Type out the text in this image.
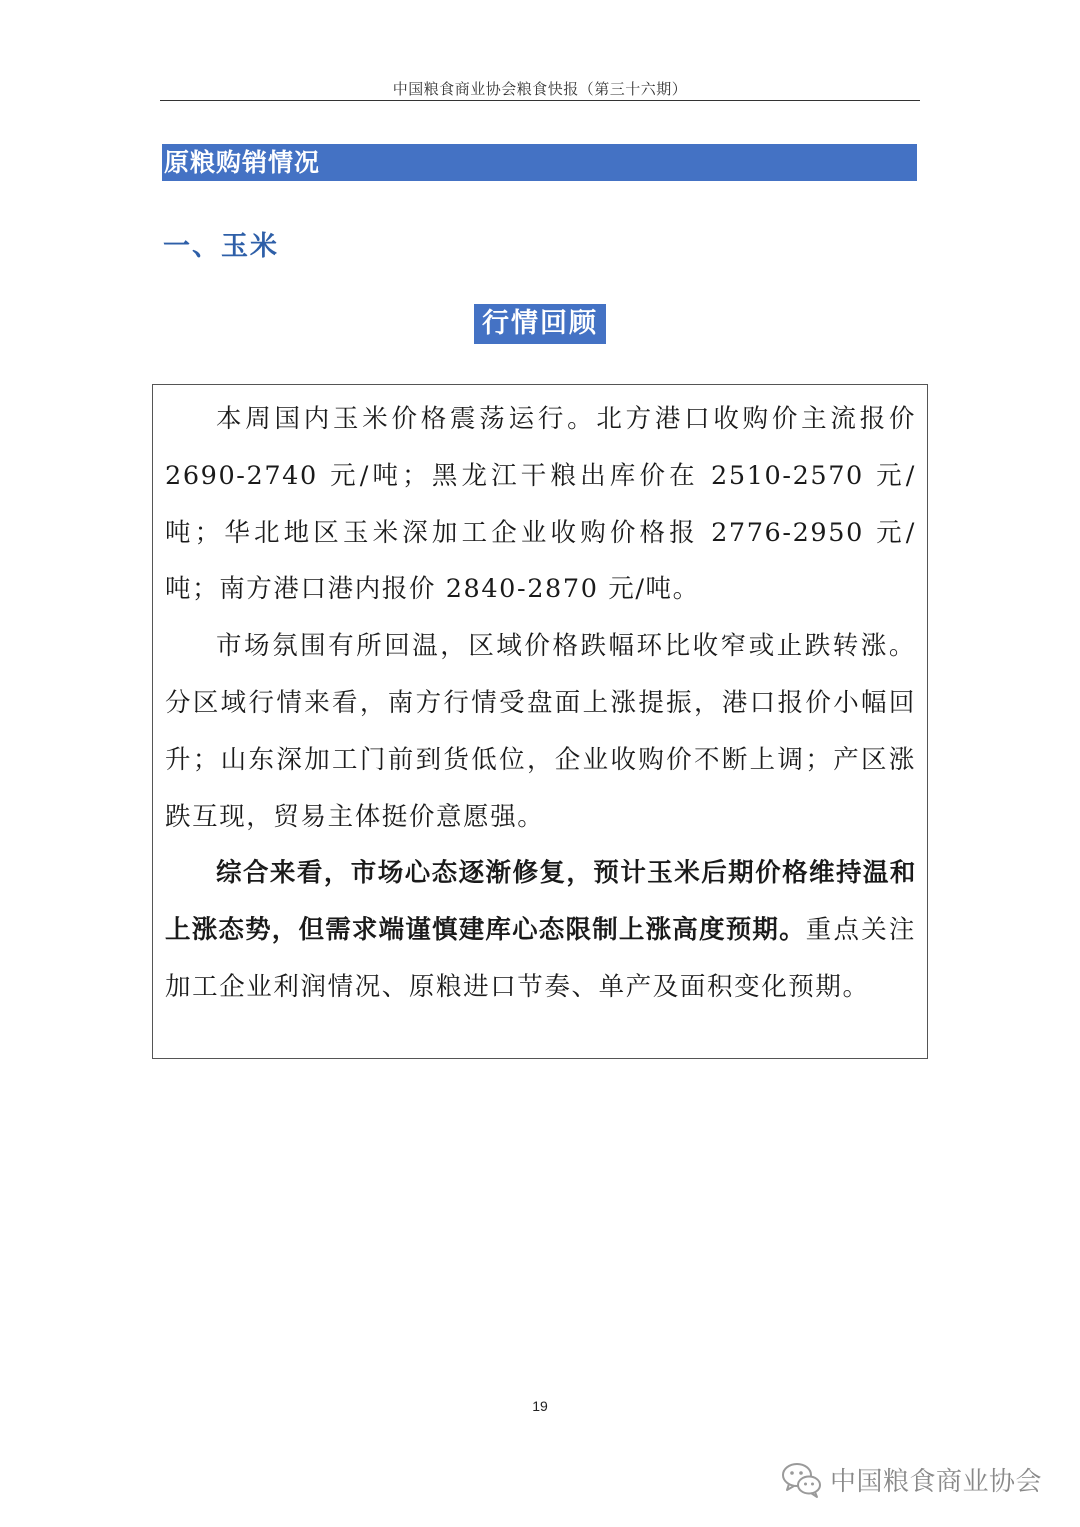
中国粮食商业协会粮食快报（第三十六期）
原粮购销情况
一、玉米
行情回顾

本周国内玉米价格震荡运行。北方港口收购价主流报价2690-2740 元/吨；黑龙江干粮出库价在 2510-2570 元/吨；华北地区玉米深加工企业收购价格报 2776-2950 元/吨；南方港口港内报价 2840-2870 元/吨。

市场氛围有所回温，区域价格跌幅环比收窄或止跌转涨。分区域行情来看，南方行情受盘面上涨提振，港口报价小幅回升；山东深加工门前到货低位，企业收购价不断上调；产区涨跌互现，贸易主体挺价意愿强。

综合来看，市场心态逐渐修复，预计玉米后期价格维持温和上涨态势，但需求端谨慎建库心态限制上涨高度预期。重点关注加工企业利润情况、原粮进口节奏、单产及面积变化预期。

19
中国粮食商业协会
